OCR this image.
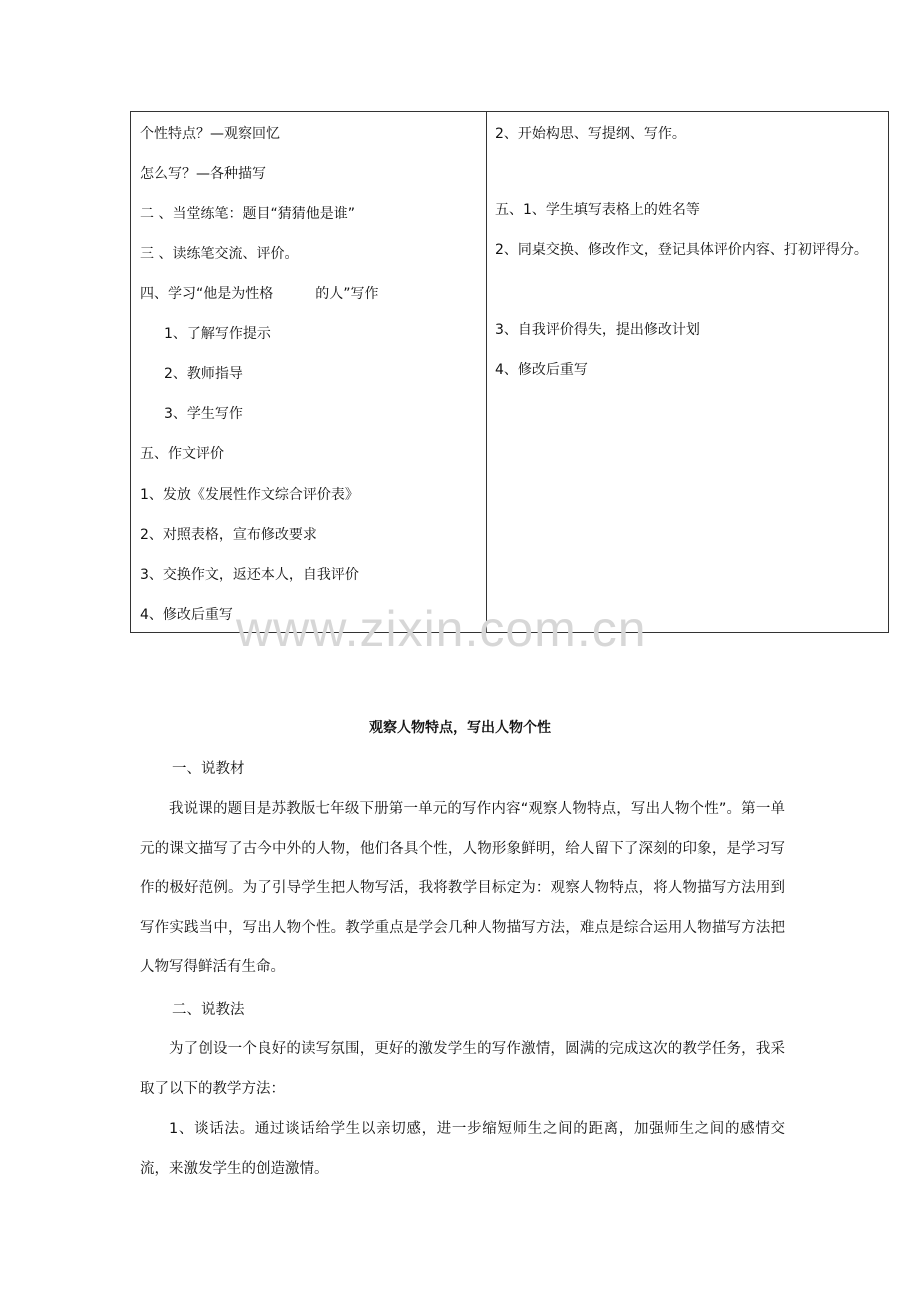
个性特点？—观察回忆
怎么写？—各种描写
二 、当堂练笔：题目“猜猜他是谁”
三 、读练笔交流、评价。
四、学习“他是为性格　　　的人”写作
1、了解写作提示
2、教师指导
3、学生写作
五、作文评价
1、发放《发展性作文综合评价表》
2、对照表格，宣布修改要求
3、交换作文，返还本人，自我评价
4、修改后重写
2、开始构思、写提纲、写作。
五、1、学生填写表格上的姓名等
2、同桌交换、修改作文，登记具体评价内容、打初评得分。
3、自我评价得失，提出修改计划
4、修改后重写
www.zixin.com.cn
观察人物特点，写出人物个性
一、说教材
我说课的题目是苏教版七年级下册第一单元的写作内容“观察人物特点，写出人物个性”。第一单元的课文描写了古今中外的人物，他们各具个性，人物形象鲜明，给人留下了深刻的印象，是学习写作的极好范例。为了引导学生把人物写活，我将教学目标定为：观察人物特点，将人物描写方法用到写作实践当中，写出人物个性。教学重点是学会几种人物描写方法，难点是综合运用人物描写方法把人物写得鲜活有生命。
二、说教法
为了创设一个良好的读写氛围，更好的激发学生的写作激情，圆满的完成这次的教学任务，我采取了以下的教学方法：
1、谈话法。通过谈话给学生以亲切感，进一步缩短师生之间的距离，加强师生之间的感情交流，来激发学生的创造激情。
